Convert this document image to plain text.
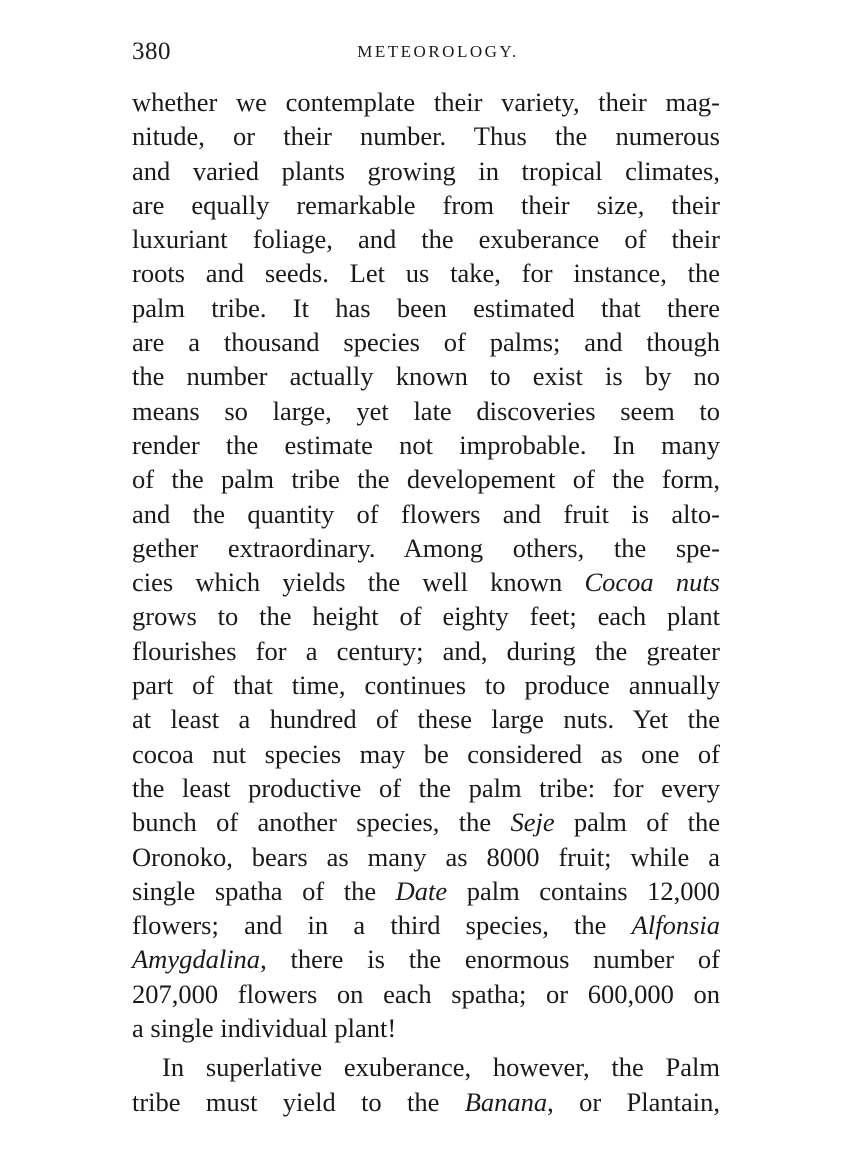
380	METEOROLOGY.
whether we contemplate their variety, their mag-
nitude, or their number. Thus the numerous
and varied plants growing in tropical climates,
are equally remarkable from their size, their
luxuriant foliage, and the exuberance of their
roots and seeds. Let us take, for instance, the
palm tribe. It has been estimated that there
are a thousand species of palms; and though
the number actually known to exist is by no
means so large, yet late discoveries seem to
render the estimate not improbable. In many
of the palm tribe the developement of the form,
and the quantity of flowers and fruit is alto-
gether extraordinary. Among others, the spe-
cies which yields the well known Cocoa nuts
grows to the height of eighty feet; each plant
flourishes for a century; and, during the greater
part of that time, continues to produce annually
at least a hundred of these large nuts. Yet the
cocoa nut species may be considered as one of
the least productive of the palm tribe: for every
bunch of another species, the Seje palm of the
Oronoko, bears as many as 8000 fruit; while a
single spatha of the Date palm contains 12,000
flowers; and in a third species, the Alfonsia
Amygdalina, there is the enormous number of
207,000 flowers on each spatha; or 600,000 on
a single individual plant!
In superlative exuberance, however, the Palm
tribe must yield to the Banana, or Plantain,
